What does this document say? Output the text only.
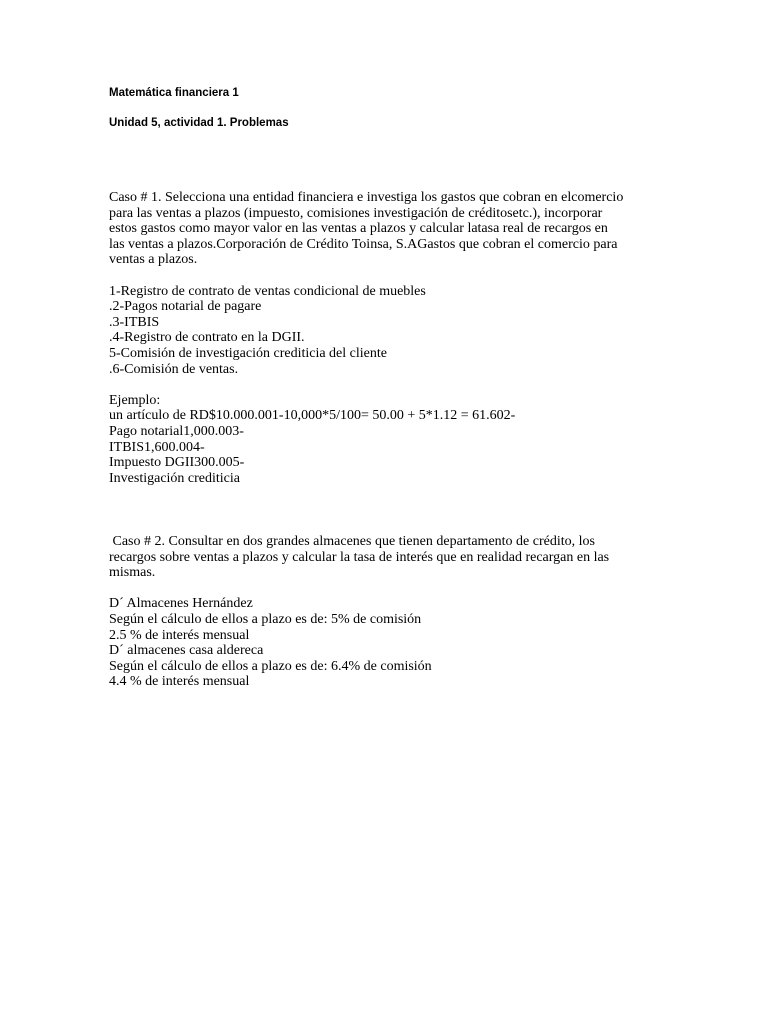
Matemática financiera 1
Unidad 5, actividad 1. Problemas
Caso # 1. Selecciona una entidad financiera e investiga los gastos que cobran en elcomercio
para las ventas a plazos (impuesto, comisiones investigación de créditosetc.), incorporar
estos gastos como mayor valor en las ventas a plazos y calcular latasa real de recargos en
las ventas a plazos.Corporación de Crédito Toinsa, S.AGastos que cobran el comercio para
ventas a plazos.
1-Registro de contrato de ventas condicional de muebles
.2-Pagos notarial de pagare
.3-ITBIS
.4-Registro de contrato en la DGII.
5-Comisión de investigación crediticia del cliente
.6-Comisión de ventas.
Ejemplo:
un artículo de RD$10.000.001-10,000*5/100= 50.00 + 5*1.12 = 61.602-
Pago notarial1,000.003-
ITBIS1,600.004-
Impuesto DGII300.005-
Investigación crediticia
Caso # 2. Consultar en dos grandes almacenes que tienen departamento de crédito, los
recargos sobre ventas a plazos y calcular la tasa de interés que en realidad recargan en las
mismas.
D´ Almacenes Hernández
Según el cálculo de ellos a plazo es de: 5% de comisión
2.5 % de interés mensual
D´ almacenes casa aldereca
Según el cálculo de ellos a plazo es de: 6.4% de comisión
4.4 % de interés mensual
